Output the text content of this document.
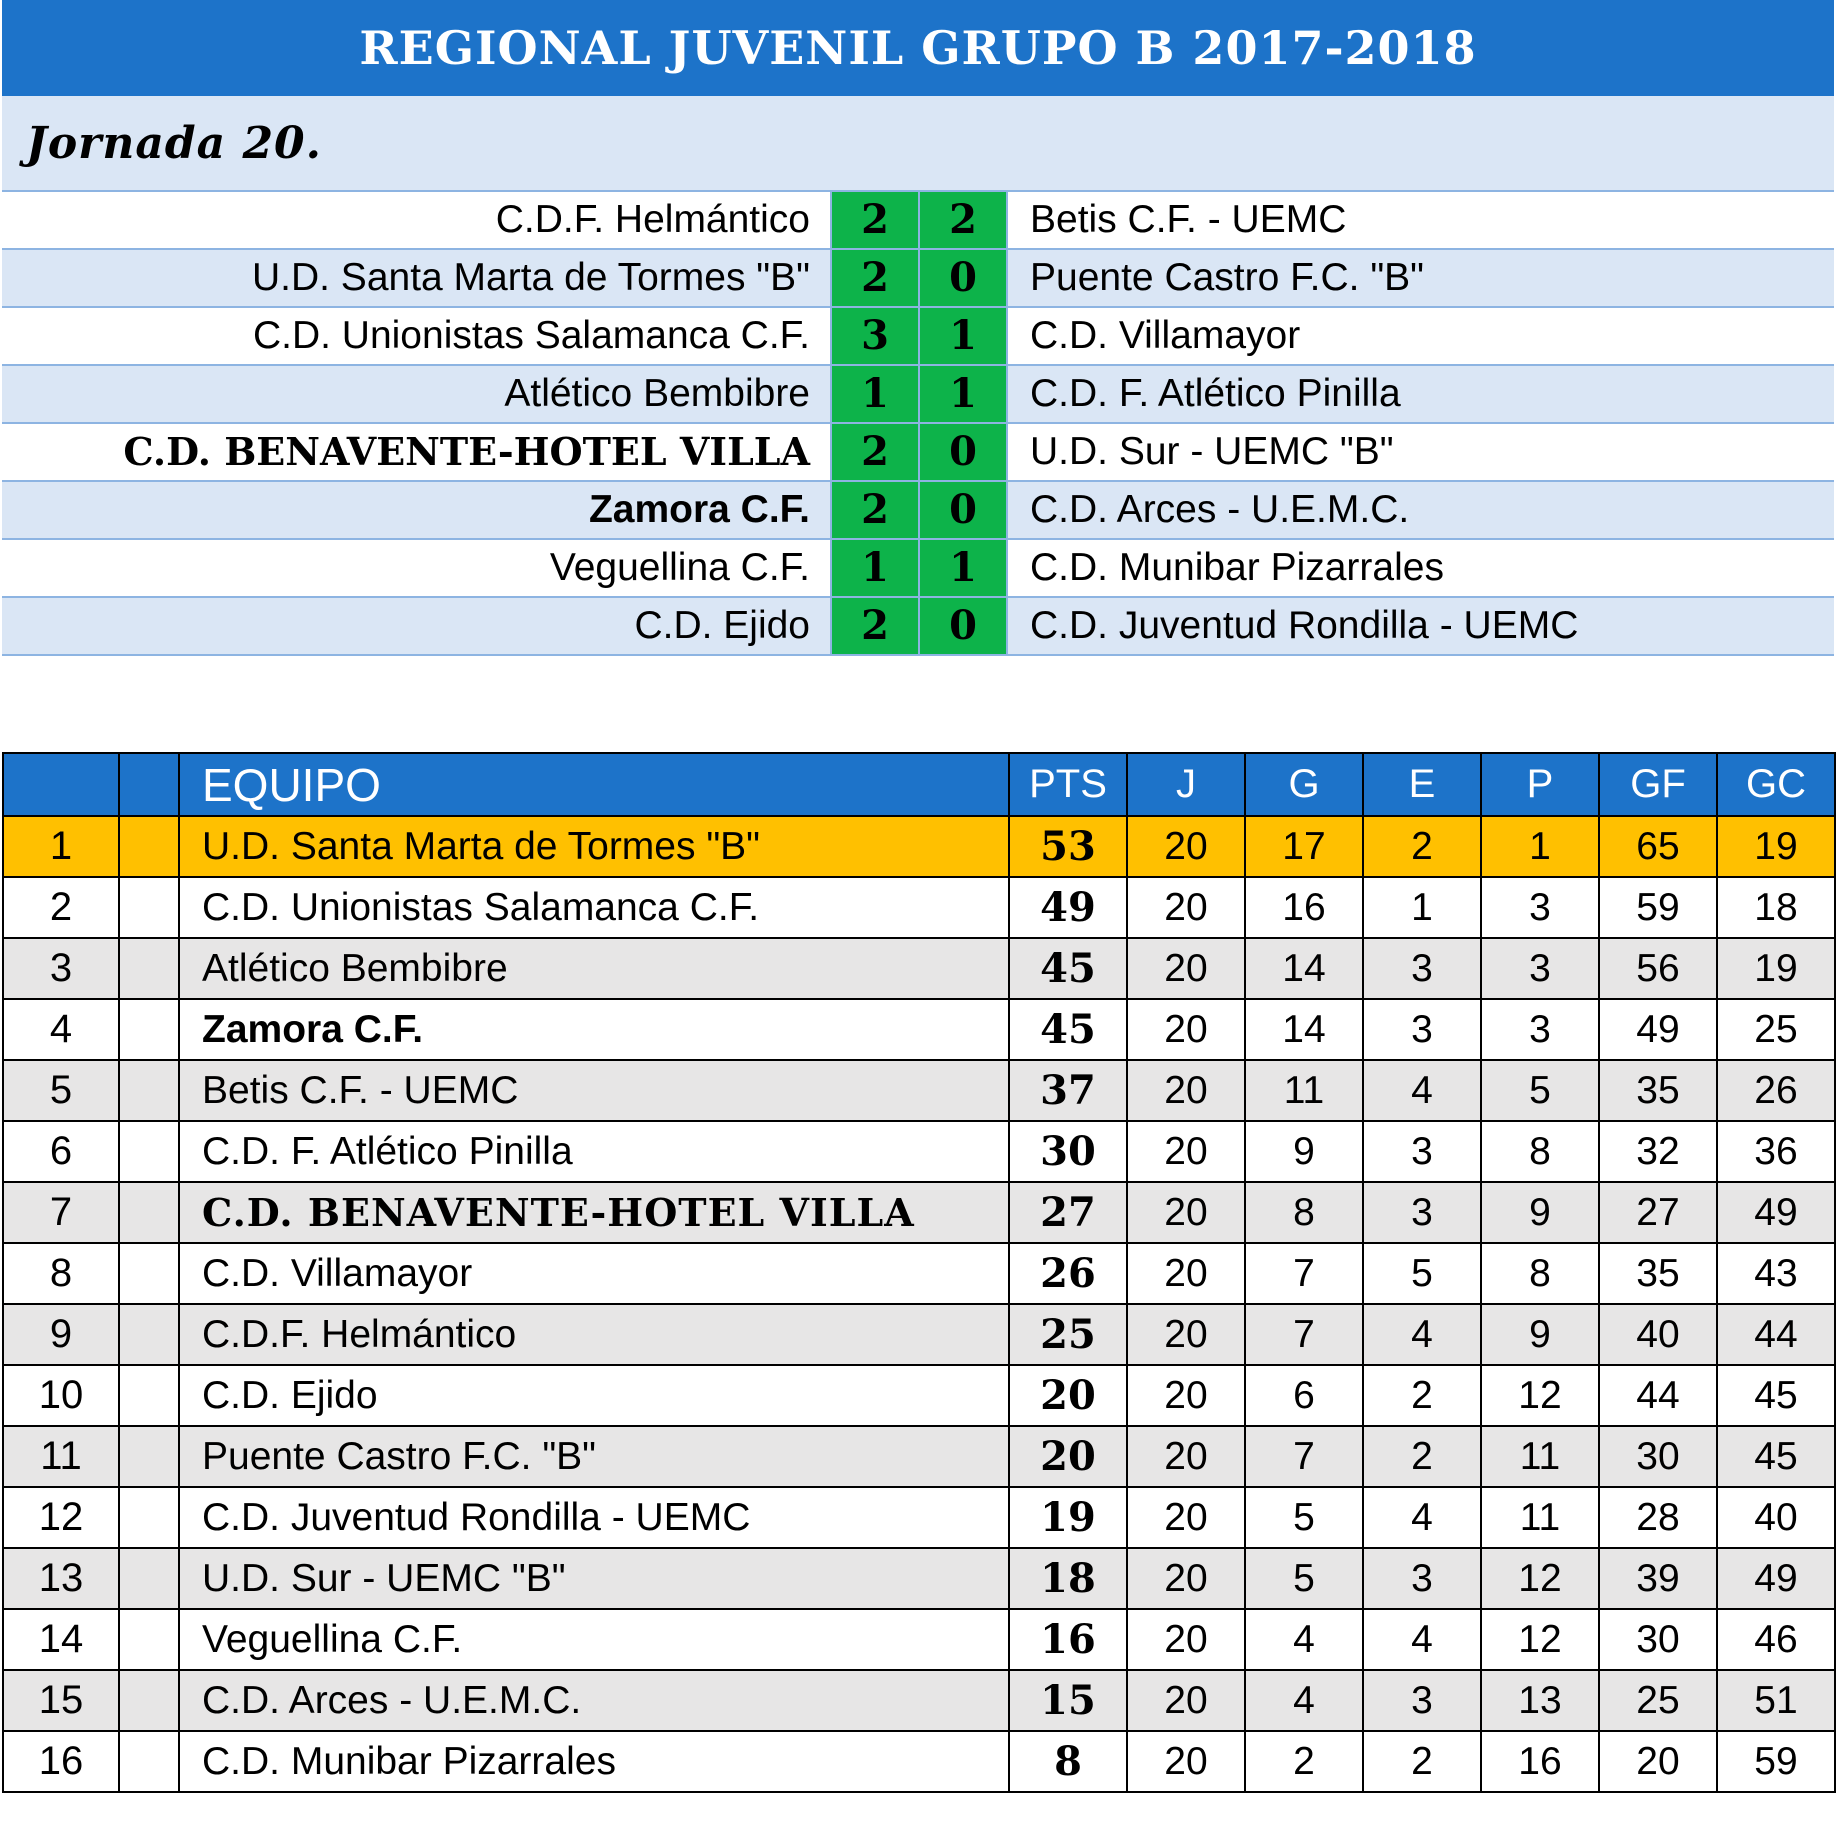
REGIONAL JUVENIL GRUPO B 2017-2018
Jornada 20.
C.D.F. Helmántico	2	2	Betis C.F. - UEMC
U.D. Santa Marta de Tormes "B"	2	0	Puente Castro F.C. "B"
C.D. Unionistas Salamanca C.F.	3	1	C.D. Villamayor
Atlético Bembibre	1	1	C.D. F. Atlético Pinilla
C.D. BENAVENTE-HOTEL VILLA	2	0	U.D. Sur - UEMC "B"
Zamora C.F.	2	0	C.D. Arces - U.E.M.C.
Veguellina C.F.	1	1	C.D. Munibar Pizarrales
C.D. Ejido	2	0	C.D. Juventud Rondilla - UEMC
		EQUIPO	PTS	J	G	E	P	GF	GC
1		U.D. Santa Marta de Tormes "B"	53	20	17	2	1	65	19
2		C.D. Unionistas Salamanca C.F.	49	20	16	1	3	59	18
3		Atlético Bembibre	45	20	14	3	3	56	19
4		Zamora C.F.	45	20	14	3	3	49	25
5		Betis C.F. - UEMC	37	20	11	4	5	35	26
6		C.D. F. Atlético Pinilla	30	20	9	3	8	32	36
7		C.D. BENAVENTE-HOTEL VILLA	27	20	8	3	9	27	49
8		C.D. Villamayor	26	20	7	5	8	35	43
9		C.D.F. Helmántico	25	20	7	4	9	40	44
10		C.D. Ejido	20	20	6	2	12	44	45
11		Puente Castro F.C. "B"	20	20	7	2	11	30	45
12		C.D. Juventud Rondilla - UEMC	19	20	5	4	11	28	40
13		U.D. Sur - UEMC "B"	18	20	5	3	12	39	49
14		Veguellina C.F.	16	20	4	4	12	30	46
15		C.D. Arces - U.E.M.C.	15	20	4	3	13	25	51
16		C.D. Munibar Pizarrales	8	20	2	2	16	20	59
